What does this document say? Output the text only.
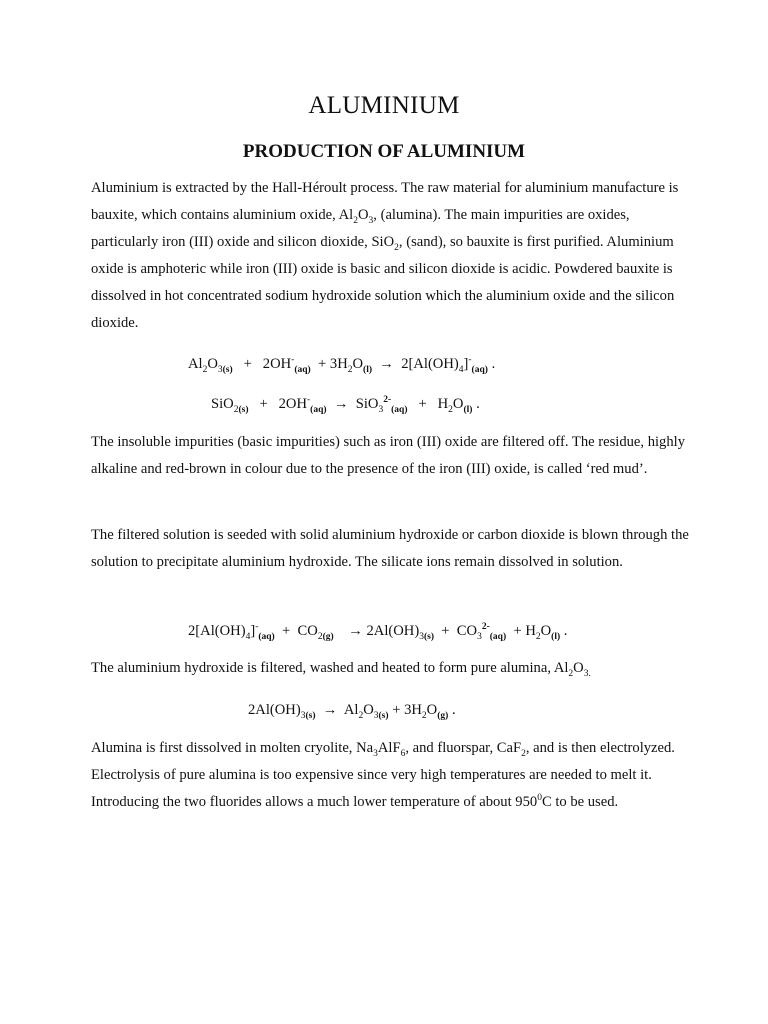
ALUMINIUM
PRODUCTION OF ALUMINIUM

Aluminium is extracted by the Hall-Héroult process. The raw material for aluminium manufacture is bauxite, which contains aluminium oxide, $Al_2O_3$, (alumina). The main impurities are oxides, particularly iron (III) oxide and silicon dioxide, SiO$_2$, (sand), so bauxite is first purified. Aluminium oxide is amphoteric while iron (III) oxide is basic and silicon dioxide is acidic. Powdered bauxite is dissolved in hot concentrated sodium hydroxide solution which the aluminium oxide and the silicon dioxide.

$Al_2O_{3(s)} + 2OH^-_{(aq)} + 3H_2O_{(l)} \to 2[Al(OH)_4]^-_{(aq)}$ .
$SiO_{2(s)} + 2OH^-_{(aq)} \to SiO_3^{2-}_{(aq)} + H_2O_{(l)}$ .

The insoluble impurities (basic impurities) such as iron (III) oxide are filtered off. The residue, highly alkaline and red-brown in colour due to the presence of the iron (III) oxide, is called ‘red mud’.

The filtered solution is seeded with solid aluminium hydroxide or carbon dioxide is blown through the solution to precipitate aluminium hydroxide. The silicate ions remain dissolved in solution.

$2[Al(OH)_4]^-_{(aq)} + CO_{2(g)}$    → $2Al(OH)_{3(s)} + CO_3^{2-}_{(aq)} + H_2O_{(l)}$ .

The aluminium hydroxide is filtered, washed and heated to form pure alumina, $Al_2O_{3.}$

$2Al(OH)_{3(s)} \to Al_2O_{3(s)} + 3H_2O_{(g)}$ .

Alumina is first dissolved in molten cryolite, $Na_3AlF_6$, and fluorspar, CaF$_2$, and is then electrolyzed. Electrolysis of pure alumina is too expensive since very high temperatures are needed to melt it. Introducing the two fluorides allows a much lower temperature of about $950^0C$ to be used.
